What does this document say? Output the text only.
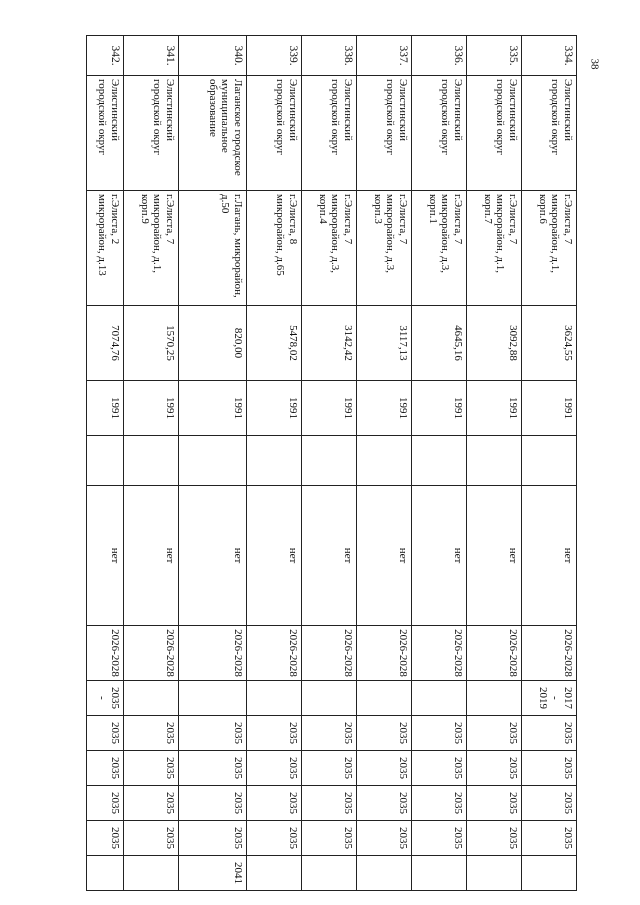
38
334.	Элистинский городской округ	г.Элиста, 7 микрорайон, д.1, корп.6	3624,55	1991		нет	2026-2028	2017 - 2019	2035	2035	2035	2035	
335.	Элистинский городской округ	г.Элиста, 7 микрорайон, д.1, корп.7	3092,88	1991		нет	2026-2028		2035	2035	2035	2035	
336.	Элистинский городской округ	г.Элиста, 7 микрорайон, д.3, корп.1	4645,16	1991		нет	2026-2028		2035	2035	2035	2035	
337.	Элистинский городской округ	г.Элиста, 7 микрорайон, д.3, корп.3	3117,13	1991		нет	2026-2028		2035	2035	2035	2035	
338.	Элистинский городской округ	г.Элиста, 7 микрорайон, д.3, корп.4	3142,42	1991		нет	2026-2028		2035	2035	2035	2035	
339.	Элистинский городской округ	г.Элиста, 8 микрорайон, д.65	5478,02	1991		нет	2026-2028		2035	2035	2035	2035	
340.	Лаганское городское муниципальное образование	г.Лагань, микрорайон, д.50	820,00	1991		нет	2026-2028		2035	2035	2035	2035	2041
341.	Элистинский городской округ	г.Элиста, 7 микрорайон, д.1, корп.9	1570,25	1991		нет	2026-2028		2035	2035	2035	2035	
342.	Элистинский городской округ	г.Элиста, 2 микрорайон, д.13	7074,76	1991		нет	2026-2028	2035 -	2035	2035	2035	2035	
